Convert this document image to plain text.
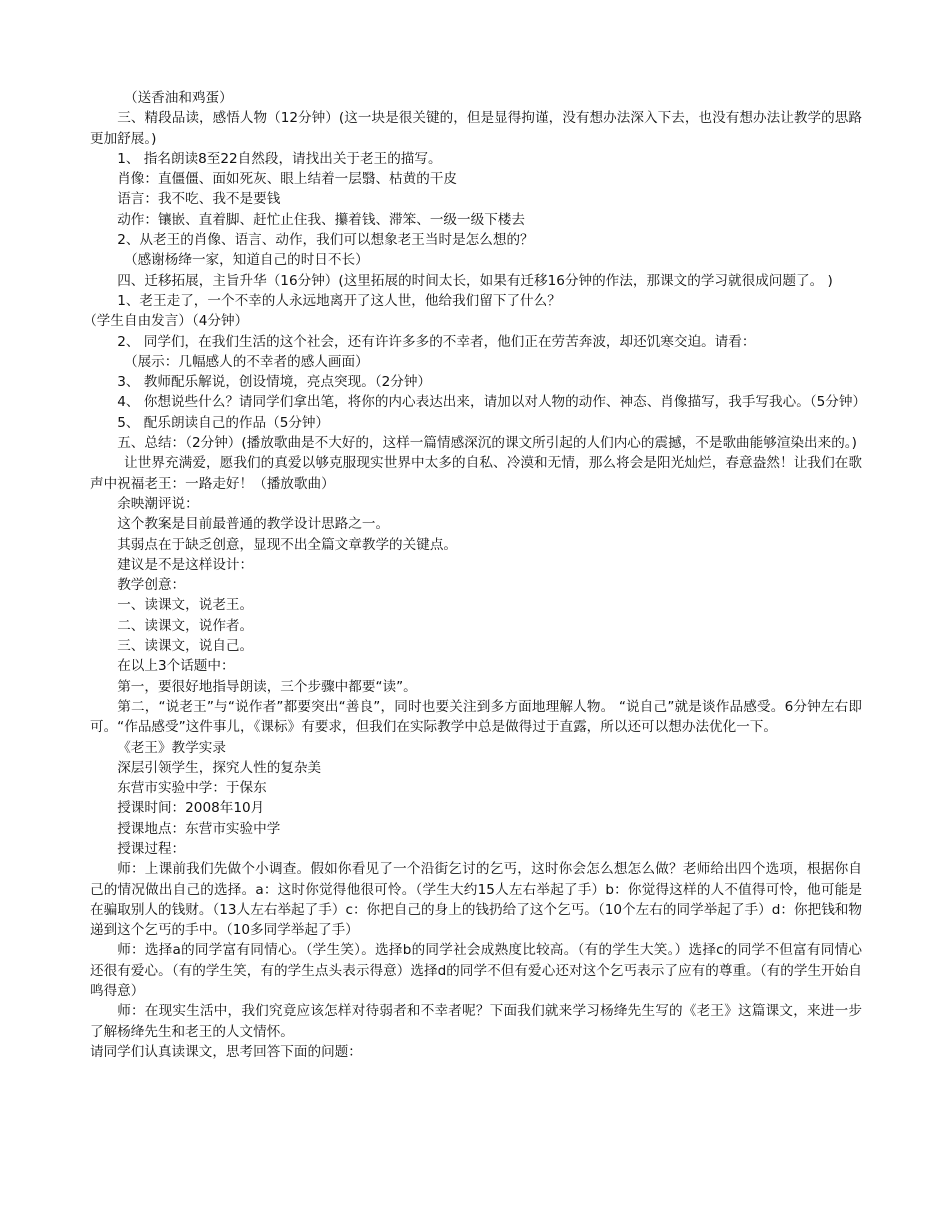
（送香油和鸡蛋）

三、精段品读，感悟人物（12分钟）(这一块是很关键的，但是显得拘谨，没有想办法深入下去，也没有想办法让教学的思路更加舒展。)

1、 指名朗读8至22自然段，请找出关于老王的描写。

肖像：直僵僵、面如死灰、眼上结着一层翳、枯黄的干皮

语言：我不吃、我不是要钱

动作：镶嵌、直着脚、赶忙止住我、攥着钱、滞笨、一级一级下楼去

2、从老王的肖像、语言、动作，我们可以想象老王当时是怎么想的？

（感谢杨绛一家，知道自己的时日不长）

四、迁移拓展，主旨升华（16分钟）(这里拓展的时间太长，如果有迁移16分钟的作法，那课文的学习就很成问题了。 )

1、老王走了，一个不幸的人永远地离开了这人世，他给我们留下了什么？

（学生自由发言）（4分钟）

2、 同学们，在我们生活的这个社会，还有许许多多的不幸者，他们正在劳苦奔波，却还饥寒交迫。请看：

（展示：几幅感人的不幸者的感人画面）

3、 教师配乐解说，创设情境，亮点突现。（2分钟）

4、 你想说些什么？请同学们拿出笔，将你的内心表达出来，请加以对人物的动作、神态、肖像描写，我手写我心。（5分钟）

5、 配乐朗读自己的作品（5分钟）

五、总结：（2分钟）(播放歌曲是不大好的，这样一篇情感深沉的课文所引起的人们内心的震撼，不是歌曲能够渲染出来的。)

让世界充满爱，愿我们的真爱以够克服现实世界中太多的自私、冷漠和无情，那么将会是阳光灿烂，春意盎然！让我们在歌声中祝福老王：一路走好！（播放歌曲）

余映潮评说：

这个教案是目前最普通的教学设计思路之一。

其弱点在于缺乏创意，显现不出全篇文章教学的关键点。

建议是不是这样设计：

教学创意：

一、读课文，说老王。

二、读课文，说作者。

三、读课文，说自己。

在以上3个话题中：

第一，要很好地指导朗读，三个步骤中都要“读”。

第二，“说老王”与“说作者”都要突出“善良”，同时也要关注到多方面地理解人物。 “说自己”就是谈作品感受。6分钟左右即可。“作品感受”这件事儿，《课标》有要求，但我们在实际教学中总是做得过于直露，所以还可以想办法优化一下。

《老王》教学实录

深层引领学生，探究人性的复杂美

东营市实验中学：于保东

授课时间：2008年10月

授课地点：东营市实验中学

授课过程：

师：上课前我们先做个小调查。假如你看见了一个沿街乞讨的乞丐，这时你会怎么想怎么做？老师给出四个选项，根据你自己的情况做出自己的选择。a：这时你觉得他很可怜。（学生大约15人左右举起了手）b：你觉得这样的人不值得可怜，他可能是在骗取别人的钱财。（13人左右举起了手）c：你把自己的身上的钱扔给了这个乞丐。（10个左右的同学举起了手）d：你把钱和物递到这个乞丐的手中。（10多同学举起了手）

师：选择a的同学富有同情心。（学生笑）。选择b的同学社会成熟度比较高。（有的学生大笑。）选择c的同学不但富有同情心还很有爱心。（有的学生笑，有的学生点头表示得意）选择d的同学不但有爱心还对这个乞丐表示了应有的尊重。（有的学生开始自鸣得意）

师：在现实生活中，我们究竟应该怎样对待弱者和不幸者呢？下面我们就来学习杨绛先生写的《老王》这篇课文，来进一步了解杨绛先生和老王的人文情怀。

请同学们认真读课文，思考回答下面的问题：
